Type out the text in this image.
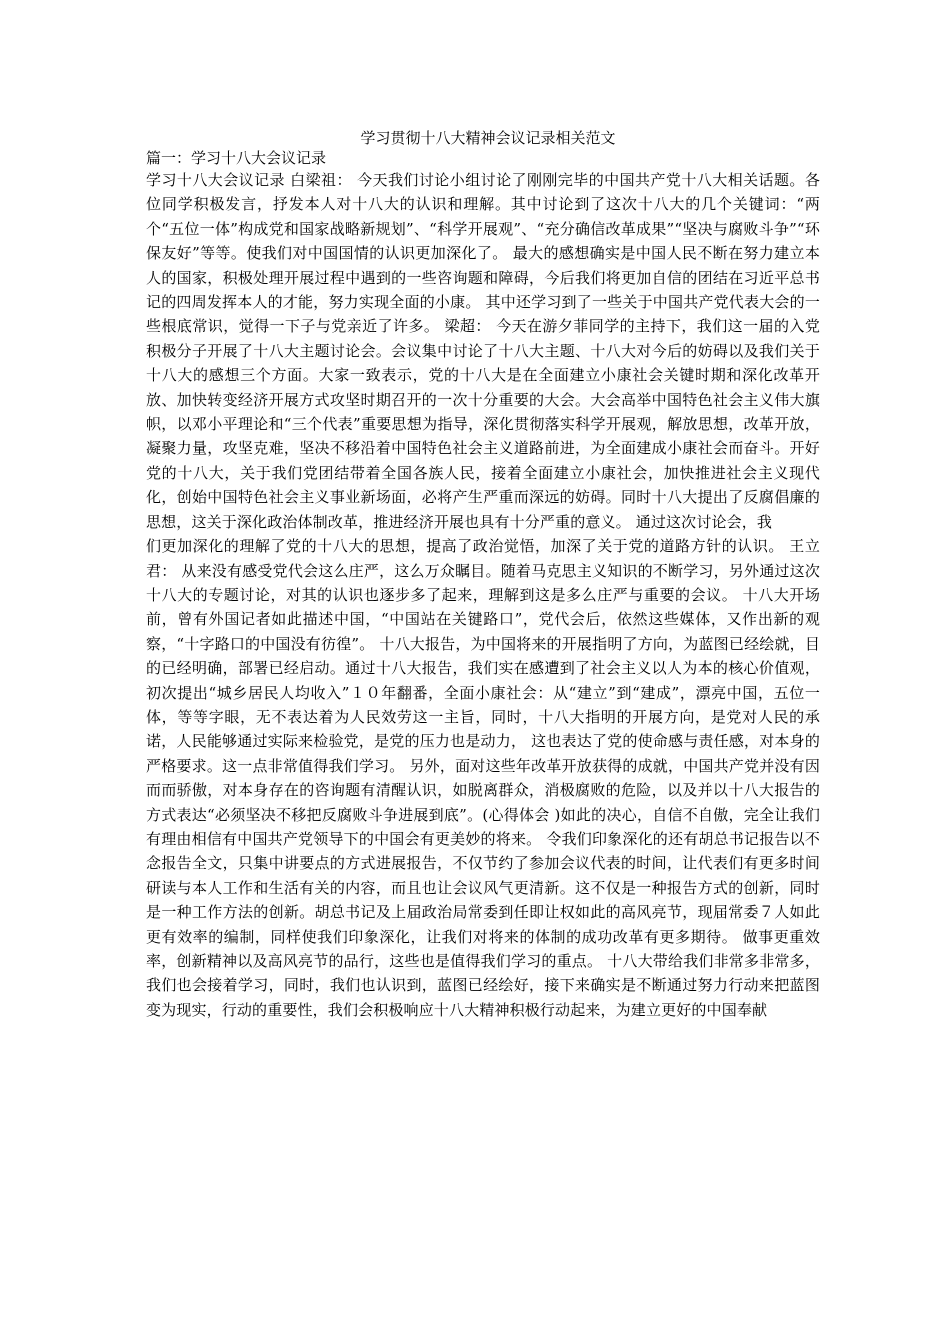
学习贯彻十八大精神会议记录相关范文
篇一：学习十八大会议记录
学习十八大会议记录 白梁祖： 今天我们讨论小组讨论了刚刚完毕的中国共产党十八大相关话题。各位同学积极发言，抒发本人对十八大的认识和理解。其中讨论到了这次十八大的几个关键词：“两个“五位一体”构成党和国家战略新规划”、“科学开展观”、“充分确信改革成果”“坚决与腐败斗争”“环保友好”等等。使我们对中国国情的认识更加深化了。 最大的感想确实是中国人民不断在努力建立本人的国家，积极处理开展过程中遇到的一些咨询题和障碍，今后我们将更加自信的团结在习近平总书记的四周发挥本人的才能，努力实现全面的小康。 其中还学习到了一些关于中国共产党代表大会的一些根底常识，觉得一下子与党亲近了许多。 梁超： 今天在游夕菲同学的主持下，我们这一届的入党积极分子开展了十八大主题讨论会。会议集中讨论了十八大主题、十八大对今后的妨碍以及我们关于十八大的感想三个方面。大家一致表示，党的十八大是在全面建立小康社会关键时期和深化改革开放、加快转变经济开展方式攻坚时期召开的一次十分重要的大会。大会高举中国特色社会主义伟大旗帜，以邓小平理论和“三个代表”重要思想为指导，深化贯彻落实科学开展观，解放思想，改革开放，凝聚力量，攻坚克难，坚决不移沿着中国特色社会主义道路前进，为全面建成小康社会而奋斗。开好党的十八大，关于我们党团结带着全国各族人民，接着全面建立小康社会，加快推进社会主义现代化，创始中国特色社会主义事业新场面，必将产生严重而深远的妨碍。同时十八大提出了反腐倡廉的思想，这关于深化政治体制改革，推进经济开展也具有十分严重的意义。 通过这次讨论会，我
们更加深化的理解了党的十八大的思想，提高了政治觉悟，加深了关于党的道路方针的认识。 王立君： 从来没有感受党代会这么庄严，这么万众瞩目。随着马克思主义知识的不断学习，另外通过这次十八大的专题讨论，对其的认识也逐步多了起来，理解到这是多么庄严与重要的会议。 十八大开场前，曾有外国记者如此描述中国，“中国站在关键路口”，党代会后，依然这些媒体，又作出新的观察，“十字路口的中国没有彷徨”。 十八大报告，为中国将来的开展指明了方向，为蓝图已经绘就，目的已经明确，部署已经启动。通过十八大报告，我们实在感遭到了社会主义以人为本的核心价值观，初次提出“城乡居民人均收入”１０年翻番，全面小康社会：从“建立”到“建成”，漂亮中国，五位一体，等等字眼，无不表达着为人民效劳这一主旨，同时，十八大指明的开展方向，是党对人民的承诺，人民能够通过实际来检验党，是党的压力也是动力， 这也表达了党的使命感与责任感，对本身的严格要求。这一点非常值得我们学习。 另外，面对这些年改革开放获得的成就，中国共产党并没有因而而骄傲，对本身存在的咨询题有清醒认识，如脱离群众，消极腐败的危险，以及并以十八大报告的方式表达“必须坚决不移把反腐败斗争进展到底”。(心得体会 )如此的决心，自信不自傲，完全让我们有理由相信有中国共产党领导下的中国会有更美妙的将来。 令我们印象深化的还有胡总书记报告以不念报告全文，只集中讲要点的方式进展报告，不仅节约了参加会议代表的时间，让代表们有更多时间研读与本人工作和生活有关的内容，而且也让会议风气更清新。这不仅是一种报告方式的创新，同时是一种工作方法的创新。胡总书记及上届政治局常委到任即让权如此的高风亮节，现届常委７人如此更有效率的编制，同样使我们印象深化，让我们对将来的体制的成功改革有更多期待。 做事更重效率，创新精神以及高风亮节的品行，这些也是值得我们学习的重点。 十八大带给我们非常多非常多，我们也会接着学习，同时，我们也认识到，蓝图已经绘好，接下来确实是不断通过努力行动来把蓝图变为现实，行动的重要性，我们会积极响应十八大精神积极行动起来，为建立更好的中国奉献
